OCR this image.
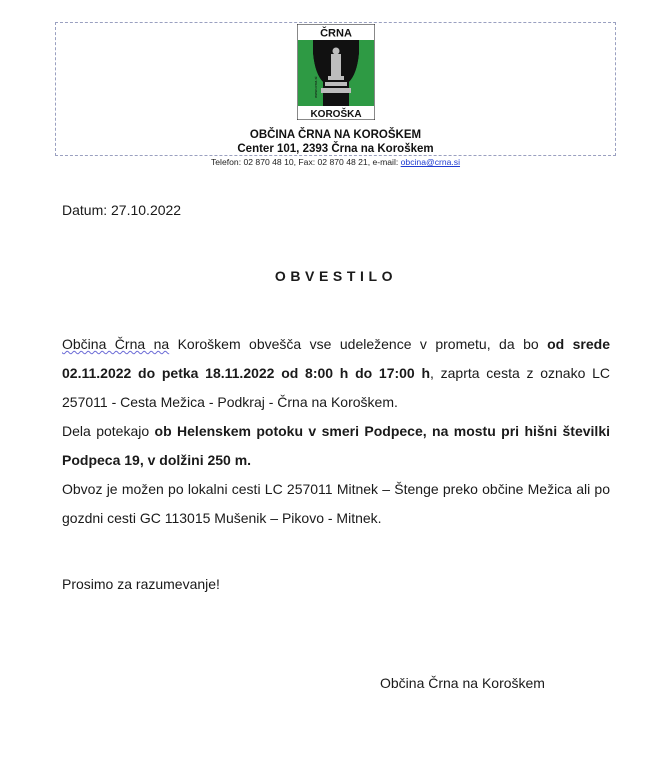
ČRNA
KOROŠKA
www.crna.si
OBČINA ČRNA NA KOROŠKEM
Center 101, 2393 Črna na Koroškem
Telefon: 02 870 48 10, Fax: 02 870 48 21, e-mail: obcina@crna.si
Datum: 27.10.2022
OBVESTILO

Občina Črna na Koroškem obvešča vse udeležence v prometu, da bo od srede 02.11.2022 do petka 18.11.2022 od 8:00 h do 17:00 h, zaprta cesta z oznako LC 257011 - Cesta Mežica - Podkraj - Črna na Koroškem.

Dela potekajo ob Helenskem potoku v smeri Podpece, na mostu pri hišni številki Podpeca 19, v dolžini 250 m.

Obvoz je možen po lokalni cesti LC 257011 Mitnek – Štenge preko občine Mežica ali po gozdni cesti GC 113015 Mušenik – Pikovo - Mitnek.

Prosimo za razumevanje!
Občina Črna na Koroškem
